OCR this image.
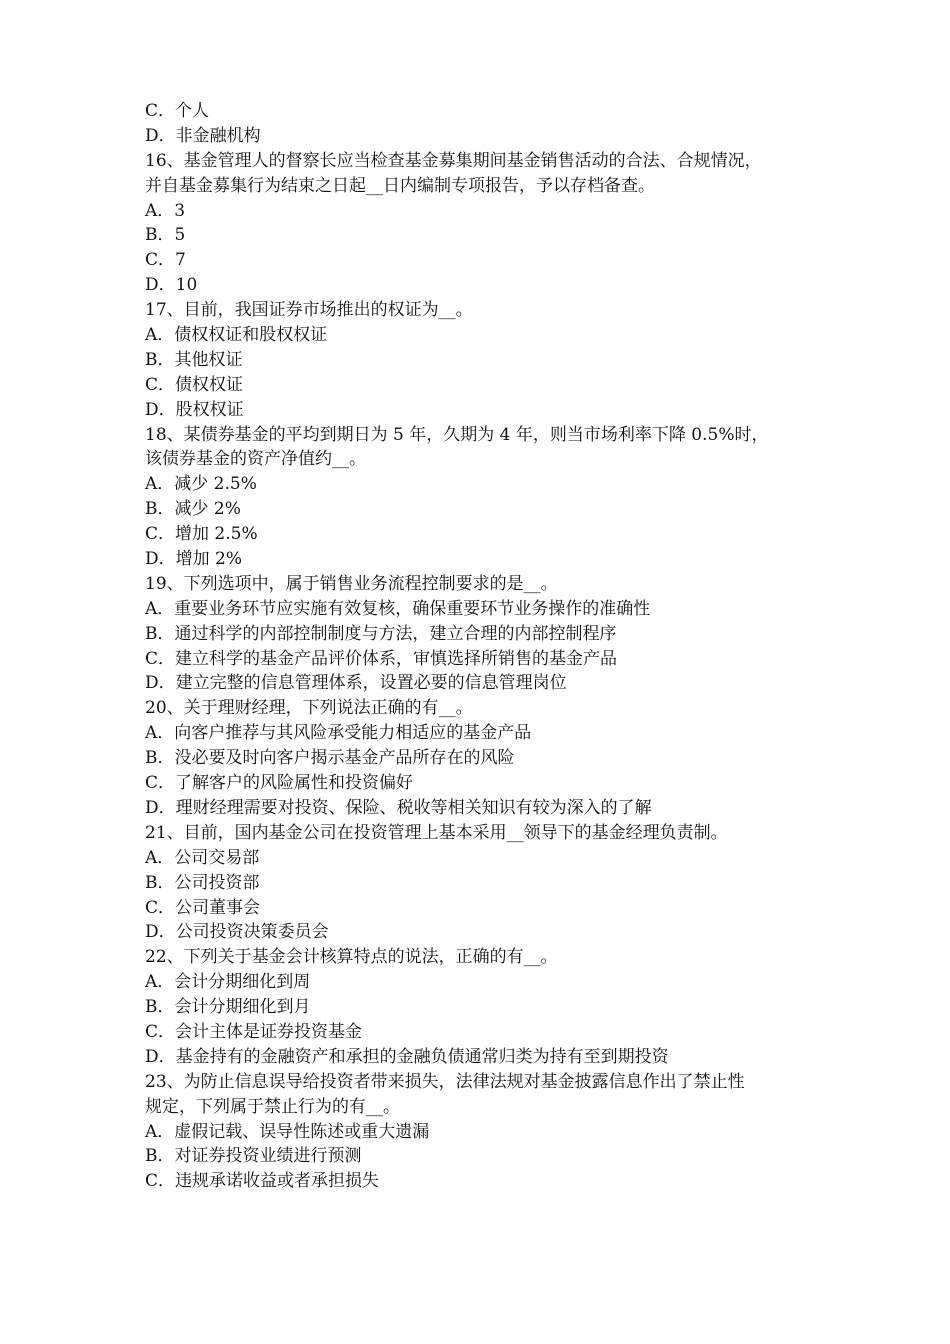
C．个人
D．非金融机构
16、基金管理人的督察长应当检查基金募集期间基金销售活动的合法、合规情况，
并自基金募集行为结束之日起__日内编制专项报告，予以存档备查。
A．3
B．5
C．7
D．10
17、目前，我国证券市场推出的权证为__。
A．债权权证和股权权证
B．其他权证
C．债权权证
D．股权权证
18、某债券基金的平均到期日为 5 年，久期为 4 年，则当市场利率下降 0.5%时，
该债券基金的资产净值约__。
A．减少 2.5%
B．减少 2%
C．增加 2.5%
D．增加 2%
19、下列选项中，属于销售业务流程控制要求的是__。
A．重要业务环节应实施有效复核，确保重要环节业务操作的准确性
B．通过科学的内部控制制度与方法，建立合理的内部控制程序
C．建立科学的基金产品评价体系，审慎选择所销售的基金产品
D．建立完整的信息管理体系，设置必要的信息管理岗位
20、关于理财经理，下列说法正确的有__。
A．向客户推荐与其风险承受能力相适应的基金产品
B．没必要及时向客户揭示基金产品所存在的风险
C．了解客户的风险属性和投资偏好
D．理财经理需要对投资、保险、税收等相关知识有较为深入的了解
21、目前，国内基金公司在投资管理上基本采用__领导下的基金经理负责制。
A．公司交易部
B．公司投资部
C．公司董事会
D．公司投资决策委员会
22、下列关于基金会计核算特点的说法，正确的有__。
A．会计分期细化到周
B．会计分期细化到月
C．会计主体是证券投资基金
D．基金持有的金融资产和承担的金融负债通常归类为持有至到期投资
23、为防止信息误导给投资者带来损失，法律法规对基金披露信息作出了禁止性
规定，下列属于禁止行为的有__。
A．虚假记载、误导性陈述或重大遗漏
B．对证券投资业绩进行预测
C．违规承诺收益或者承担损失
